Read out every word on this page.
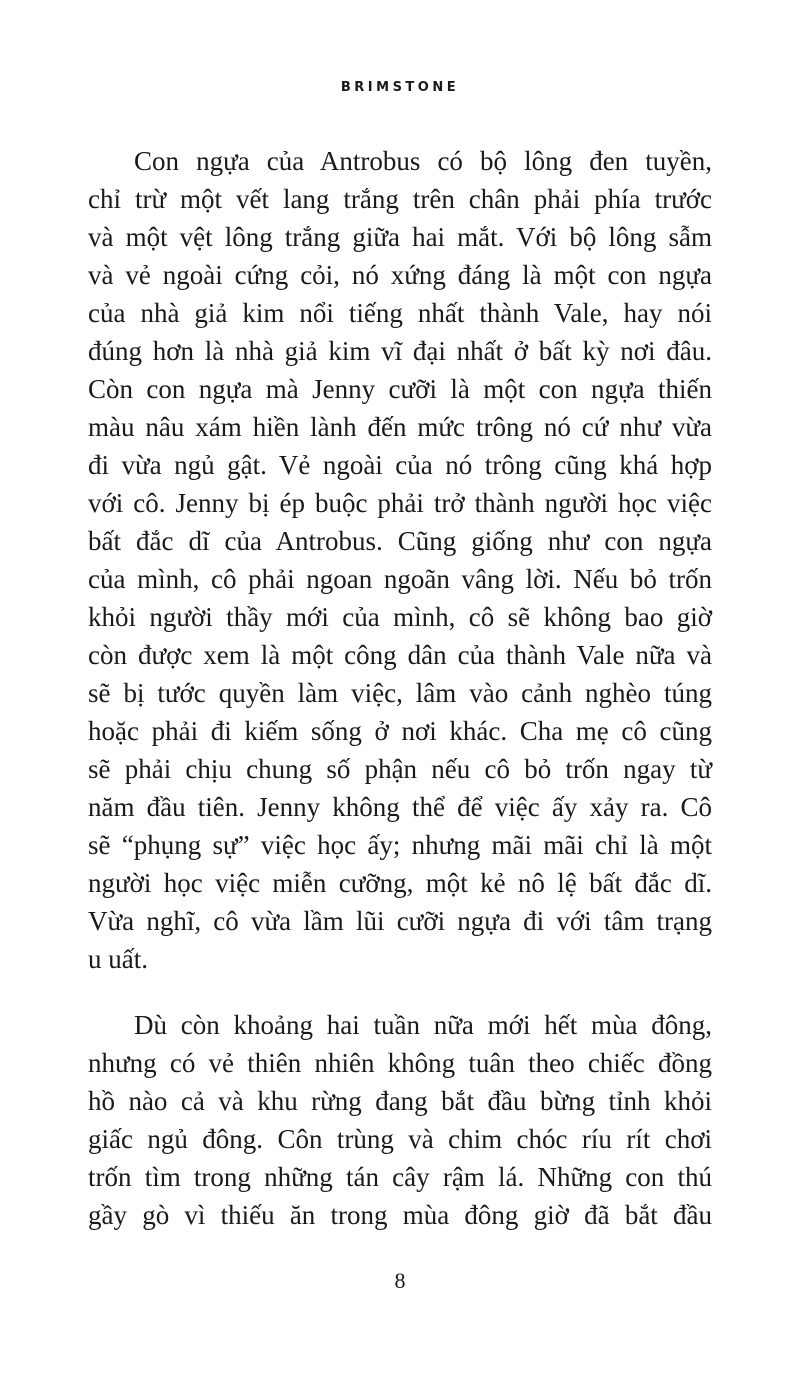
BRIMSTONE
Con ngựa của Antrobus có bộ lông đen tuyền,
chỉ trừ một vết lang trắng trên chân phải phía trước
và một vệt lông trắng giữa hai mắt. Với bộ lông sẫm
và vẻ ngoài cứng cỏi, nó xứng đáng là một con ngựa
của nhà giả kim nổi tiếng nhất thành Vale, hay nói
đúng hơn là nhà giả kim vĩ đại nhất ở bất kỳ nơi đâu.
Còn con ngựa mà Jenny cưỡi là một con ngựa thiến
màu nâu xám hiền lành đến mức trông nó cứ như vừa
đi vừa ngủ gật. Vẻ ngoài của nó trông cũng khá hợp
với cô. Jenny bị ép buộc phải trở thành người học việc
bất đắc dĩ của Antrobus. Cũng giống như con ngựa
của mình, cô phải ngoan ngoãn vâng lời. Nếu bỏ trốn
khỏi người thầy mới của mình, cô sẽ không bao giờ
còn được xem là một công dân của thành Vale nữa và
sẽ bị tước quyền làm việc, lâm vào cảnh nghèo túng
hoặc phải đi kiếm sống ở nơi khác. Cha mẹ cô cũng
sẽ phải chịu chung số phận nếu cô bỏ trốn ngay từ
năm đầu tiên. Jenny không thể để việc ấy xảy ra. Cô
sẽ “phụng sự” việc học ấy; nhưng mãi mãi chỉ là một
người học việc miễn cưỡng, một kẻ nô lệ bất đắc dĩ.
Vừa nghĩ, cô vừa lầm lũi cưỡi ngựa đi với tâm trạng
u uất.
Dù còn khoảng hai tuần nữa mới hết mùa đông,
nhưng có vẻ thiên nhiên không tuân theo chiếc đồng
hồ nào cả và khu rừng đang bắt đầu bừng tỉnh khỏi
giấc ngủ đông. Côn trùng và chim chóc ríu rít chơi
trốn tìm trong những tán cây rậm lá. Những con thú
gầy gò vì thiếu ăn trong mùa đông giờ đã bắt đầu
8
